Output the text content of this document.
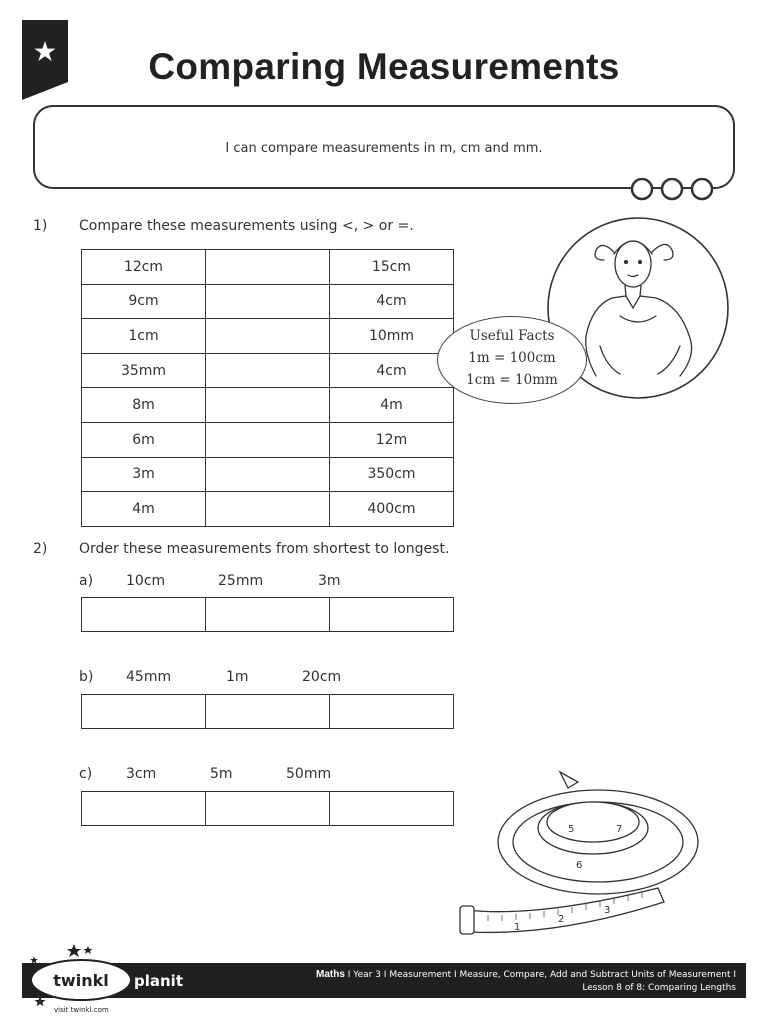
Comparing Measurements
I can compare measurements in m, cm and mm.
1) Compare these measurements using <, > or =.
12cm		15cm
9cm		4cm
1cm		10mm
35mm		4cm
8m		4m
6m		12m
3m		350cm
4m		400cm
Useful Facts
1m = 100cm
1cm = 10mm
2) Order these measurements from shortest to longest.
a) 10cm	25mm	3m

b) 45mm	1m	20cm

c) 3cm	5m	50mm

5
6
7
1
2
3
Maths I Year 3 I Measurement I Measure, Compare, Add and Subtract Units of Measurement I
Lesson 8 of 8: Comparing Lengths
twinkl planit
visit twinkl.com
